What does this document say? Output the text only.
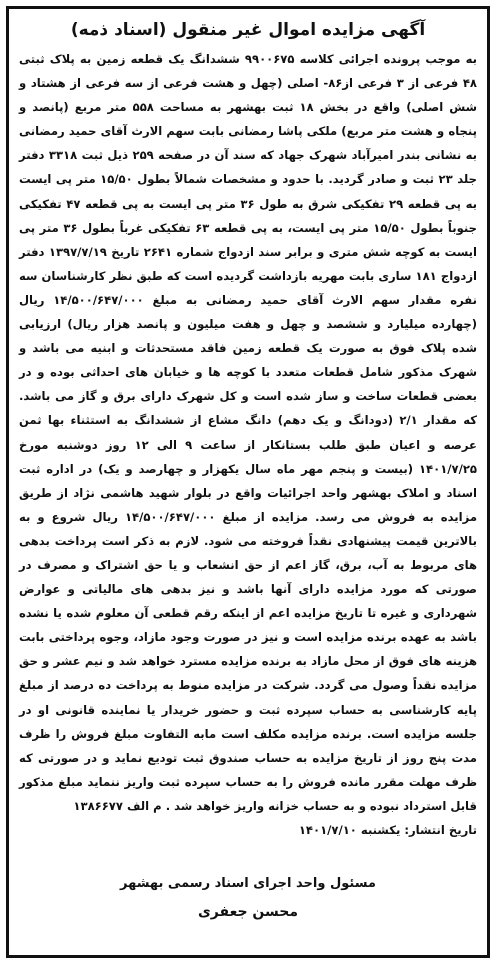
آگهی مزایده اموال غیر منقول (اسناد ذمه)

به موجب پرونده اجرائی کلاسه ۹۹۰۰۶۷۵ ششدانگ یک قطعه زمین به پلاک ثبتی ۴۸ فرعی از ۳ فرعی از۸۶- اصلی (چهل و هشت فرعی از سه فرعی از هشتاد و شش اصلی) واقع در بخش ۱۸ ثبت بهشهر به مساحت ۵۵۸ متر مربع (پانصد و پنجاه و هشت متر مربع) ملکی پاشا رمضانی بابت سهم الارث آقای حمید رمضانی به نشانی بندر امیرآباد شهرک جهاد که سند آن در صفحه ۲۵۹ ذیل ثبت ۳۳۱۸ دفتر جلد ۲۳ ثبت و صادر گردید. با حدود و مشخصات شمالاً بطول ۱۵/۵۰ متر پی ایست به پی قطعه ۲۹ تفکیکی شرق به طول ۳۶ متر پی ایست به پی قطعه ۴۷ تفکیکی جنوباً بطول ۱۵/۵۰ متر پی ایست، به پی قطعه ۶۳ تفکیکی غرباً بطول ۳۶ متر پی ایست به کوچه شش متری و برابر سند ازدواج شماره ۲۶۴۱ تاریخ ۱۳۹۷/۷/۱۹ دفتر ازدواج ۱۸۱ ساری بابت مهریه بازداشت گردیده است که طبق نظر کارشناسان سه نفره مقدار سهم الارث آقای حمید رمضانی به مبلغ ۱۴/۵۰۰/۶۴۷/۰۰۰ ریال (چهارده میلیارد و ششصد و چهل و هفت میلیون و پانصد هزار ریال) ارزیابی شده پلاک فوق به صورت یک قطعه زمین فاقد مستحدثات و ابنیه می باشد و شهرک مذکور شامل قطعات متعدد با کوچه ها و خیابان های احداثی بوده و در بعضی قطعات ساخت و ساز شده است و کل شهرک دارای برق و گاز می باشد. که مقدار ۲/۱ (دودانگ و یک دهم) دانگ مشاع از ششدانگ به استثناء بها ثمن عرصه و اعیان طبق طلب بستانکار از ساعت ۹ الی ۱۲ روز دوشنبه مورخ ۱۴۰۱/۷/۲۵ (بیست و پنجم مهر ماه سال یکهزار و چهارصد و یک) در اداره ثبت اسناد و املاک بهشهر واحد اجرائیات واقع در بلوار شهید هاشمی نژاد از طریق مزایده به فروش می رسد. مزایده از مبلغ ۱۴/۵۰۰/۶۴۷/۰۰۰ ریال شروع و به بالاترین قیمت پیشنهادی نقداً فروخته می شود. لازم به ذکر است پرداخت بدهی های مربوط به آب، برق، گاز اعم از حق انشعاب و یا حق اشتراک و مصرف در صورتی که مورد مزایده دارای آنها باشد و نیز بدهی های مالیاتی و عوارض شهرداری و غیره تا تاریخ مزایده اعم از اینکه رقم قطعی آن معلوم شده یا نشده باشد به عهده برنده مزایده است و نیز در صورت وجود مازاد، وجوه پرداختی بابت هزینه های فوق از محل مازاد به برنده مزایده مسترد خواهد شد و نیم عشر و حق مزایده نقداً وصول می گردد. شرکت در مزایده منوط به پرداخت ده درصد از مبلغ پایه کارشناسی به حساب سپرده ثبت و حضور خریدار یا نماینده قانونی او در جلسه مزایده است. برنده مزایده مکلف است مابه التفاوت مبلغ فروش را ظرف مدت پنج روز از تاریخ مزایده به حساب صندوق ثبت تودیع نماید و در صورتی که ظرف مهلت مقرر مانده فروش را به حساب سپرده ثبت واریز ننماید مبلغ مذکور قابل استرداد نبوده و به حساب خزانه واریز خواهد شد . م الف ۱۳۸۶۶۷۷

تاریخ انتشار: یکشنبه ۱۴۰۱/۷/۱۰

مسئول واحد اجرای اسناد رسمی بهشهر
محسن جعفری
